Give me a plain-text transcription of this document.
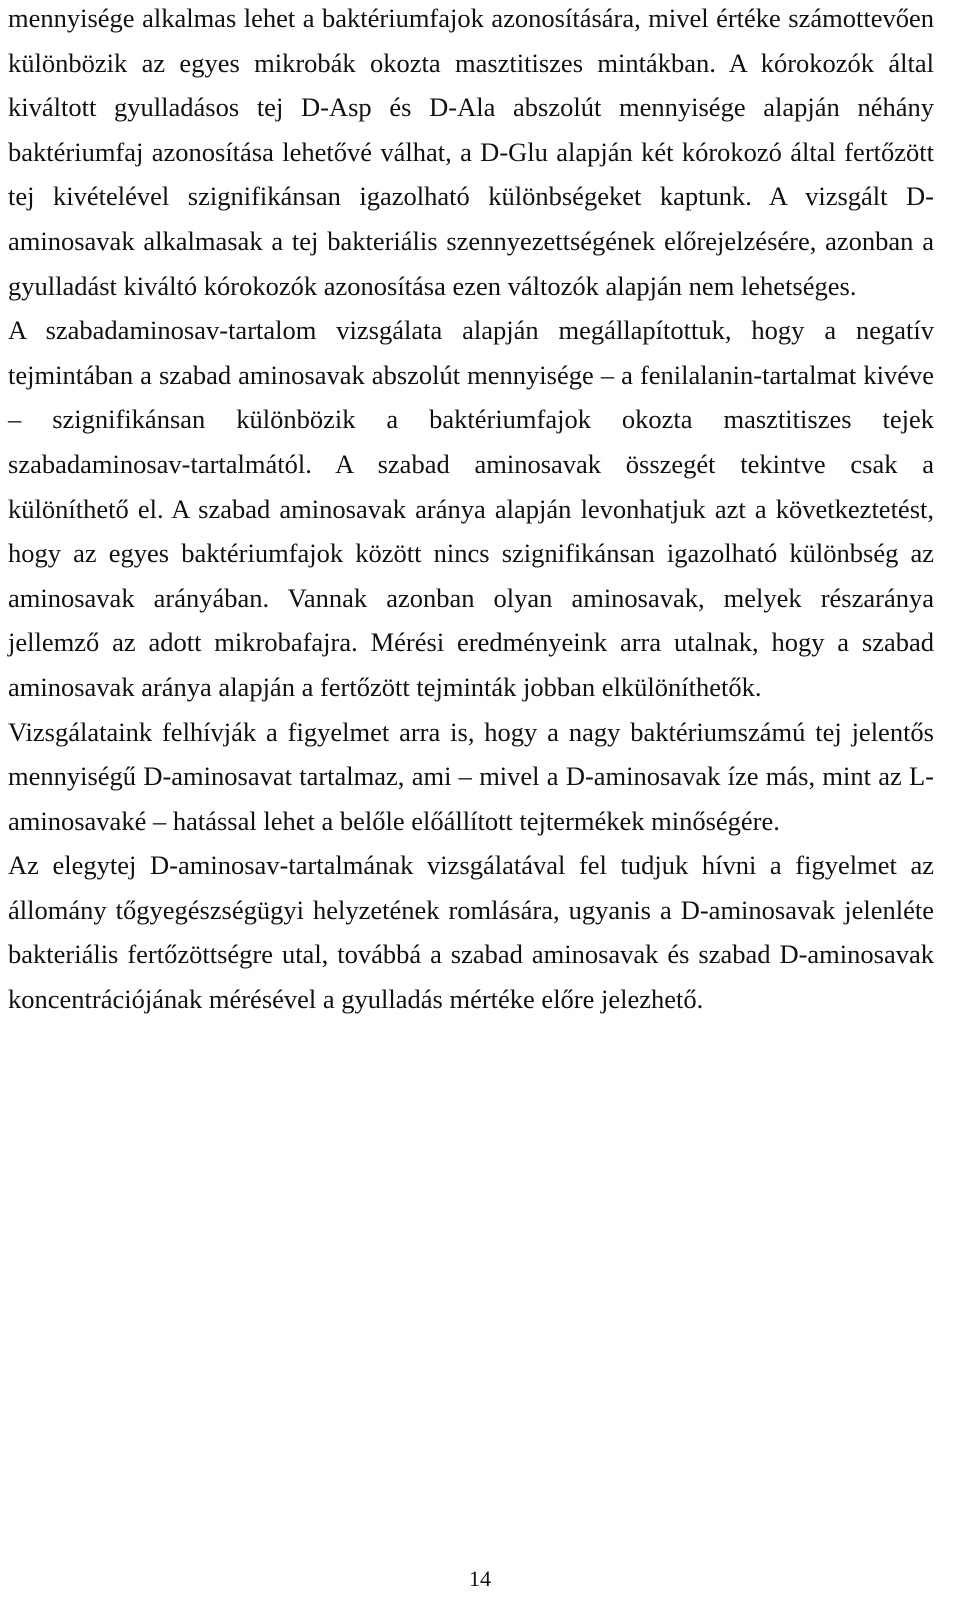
mennyisége alkalmas lehet a baktériumfajok azonosítására, mivel értéke számottevően különbözik az egyes mikrobák okozta masztitiszes mintákban. A kórokozók által kiváltott gyulladásos tej D-Asp és D-Ala abszolút mennyisége alapján néhány baktériumfaj azonosítása lehetővé válhat, a D-Glu alapján két kórokozó által fertőzött tej kivételével szignifikánsan igazolható különbségeket kaptunk. A vizsgált D-aminosavak alkalmasak a tej bakteriális szennyezettségének előrejelzésére, azonban a gyulladást kiváltó kórokozók azonosítása ezen változók alapján nem lehetséges.

A szabadaminosav-tartalom vizsgálata alapján megállapítottuk, hogy a negatív tejmintában a szabad aminosavak abszolút mennyisége – a fenilalanin-tartalmat kivéve – szignifikánsan különbözik a baktériumfajok okozta masztitiszes tejek szabadaminosav-tartalmától. A szabad aminosavak összegét tekintve csak a különíthető el. A szabad aminosavak aránya alapján levonhatjuk azt a következtetést, hogy az egyes baktériumfajok között nincs szignifikánsan igazolható különbség az aminosavak arányában. Vannak azonban olyan aminosavak, melyek részaránya jellemző az adott mikrobafajra. Mérési eredményeink arra utalnak, hogy a szabad aminosavak aránya alapján a fertőzött tejminták jobban elkülöníthetők.

Vizsgálataink felhívják a figyelmet arra is, hogy a nagy baktériumszámú tej jelentős mennyiségű D-aminosavat tartalmaz, ami – mivel a D-aminosavak íze más, mint az L-aminosavaké – hatással lehet a belőle előállított tejtermékek minőségére.

Az elegytej D-aminosav-tartalmának vizsgálatával fel tudjuk hívni a figyelmet az állomány tőgyegészségügyi helyzetének romlására, ugyanis a D-aminosavak jelenléte bakteriális fertőzöttségre utal, továbbá a szabad aminosavak és szabad D-aminosavak koncentrációjának mérésével a gyulladás mértéke előre jelezhető.

14
